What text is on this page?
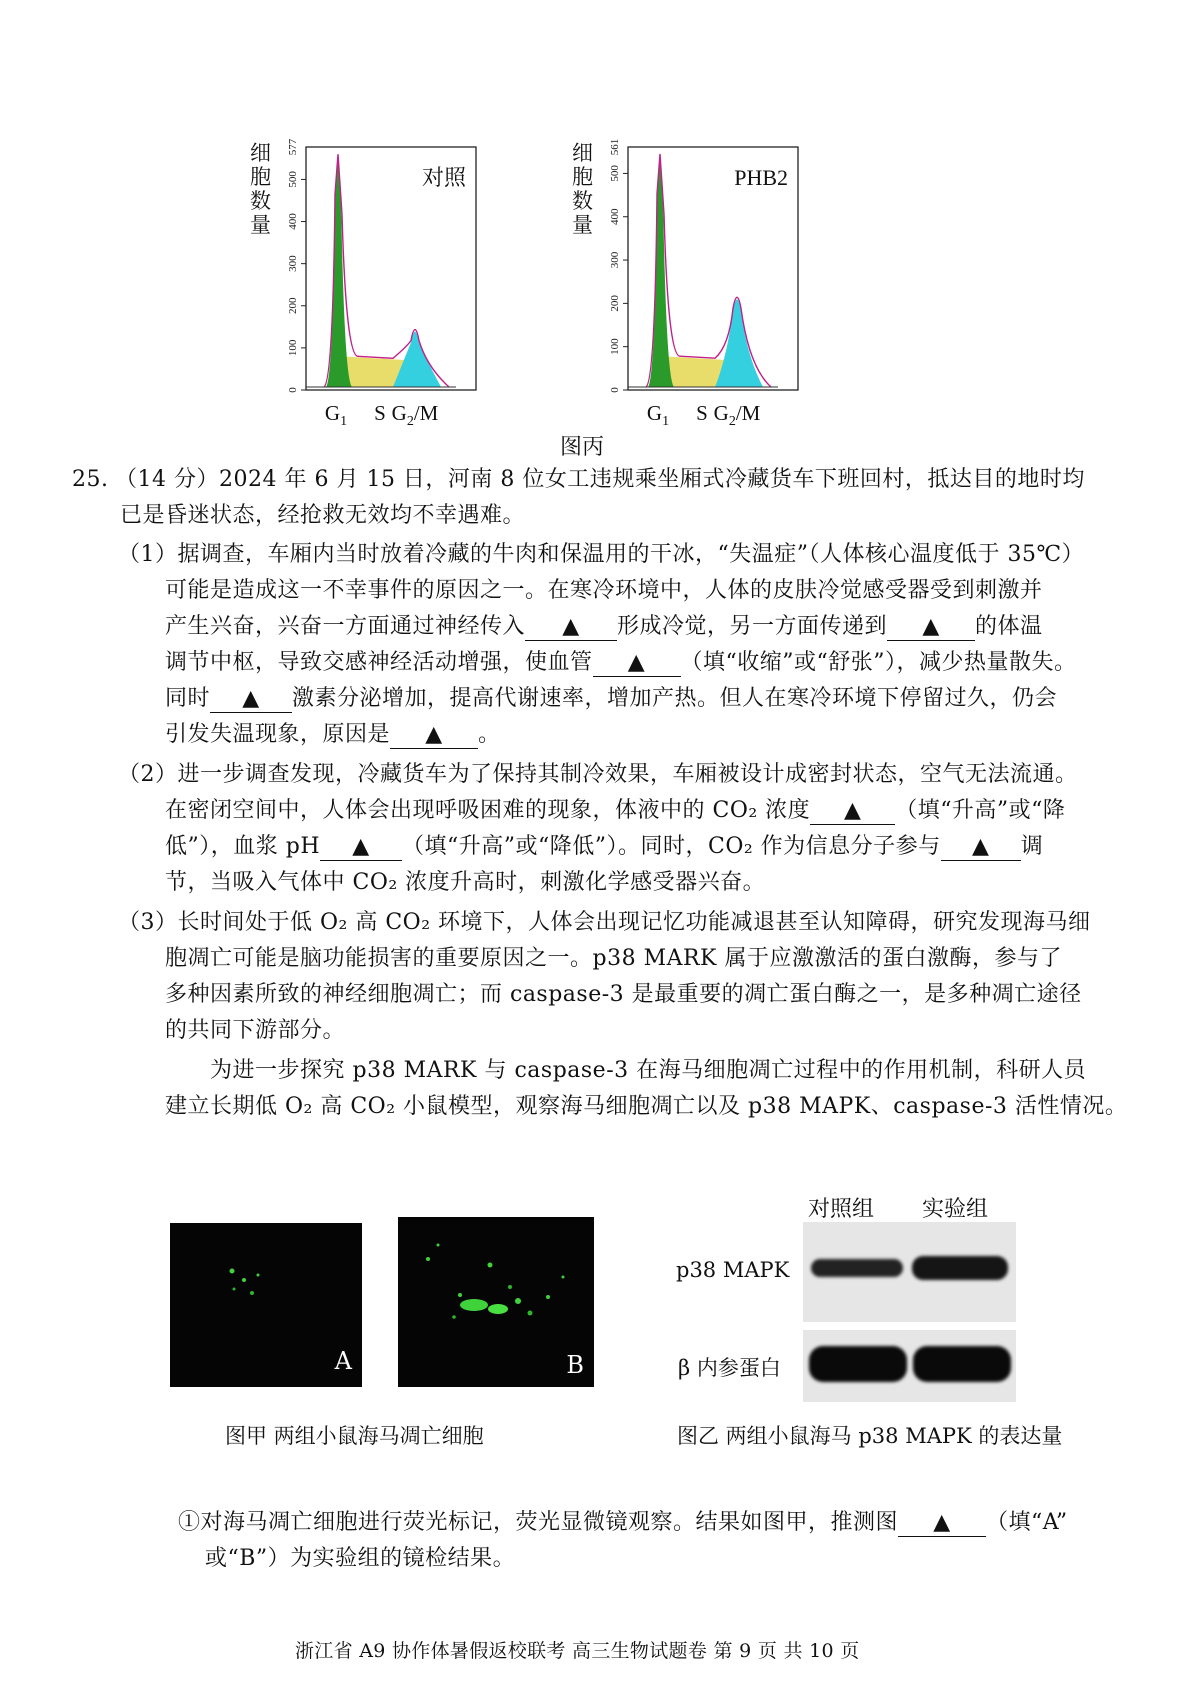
细
胞
数
量
0
100
200
300
400
500
577
对照
$G_1$ S $G_2/M$
细
胞
数
量
0
100
200
300
400
500
561
PHB2
$G_1$ S $G_2/M$
图丙
25. （14 分）2024 年 6 月 15 日，河南 8 位女工违规乘坐厢式冷藏货车下班回村，抵达目的地时均
已是昏迷状态，经抢救无效均不幸遇难。
（1）据调查，车厢内当时放着冷藏的牛肉和保温用的干冰，“失温症”（人体核心温度低于 35℃）
可能是造成这一不幸事件的原因之一。在寒冷环境中，人体的皮肤冷觉感受器受到刺激并
产生兴奋，兴奋一方面通过神经传入 ▲ 形成冷觉，另一方面传递到 ▲ 的体温
调节中枢，导致交感神经活动增强，使血管 ▲ （填“收缩”或“舒张”），减少热量散失。
同时 ▲ 激素分泌增加，提高代谢速率，增加产热。但人在寒冷环境下停留过久，仍会
引发失温现象，原因是 ▲ 。
（2）进一步调查发现，冷藏货车为了保持其制冷效果，车厢被设计成密封状态，空气无法流通。
在密闭空间中，人体会出现呼吸困难的现象，体液中的 CO₂ 浓度 ▲ （填“升高”或“降
低”），血浆 pH ▲ （填“升高”或“降低”）。同时，CO₂ 作为信息分子参与 ▲ 调
节，当吸入气体中 CO₂ 浓度升高时，刺激化学感受器兴奋。
（3）长时间处于低 O₂ 高 CO₂ 环境下，人体会出现记忆功能减退甚至认知障碍，研究发现海马细
胞凋亡可能是脑功能损害的重要原因之一。p38 MARK 属于应激激活的蛋白激酶，参与了
多种因素所致的神经细胞凋亡；而 caspase-3 是最重要的凋亡蛋白酶之一，是多种凋亡途径
的共同下游部分。
为进一步探究 p38 MARK 与 caspase-3 在海马细胞凋亡过程中的作用机制，科研人员
建立长期低 O₂ 高 CO₂ 小鼠模型，观察海马细胞凋亡以及 p38 MAPK、caspase-3 活性情况。
A	B
图甲 两组小鼠海马凋亡细胞
对照组 实验组
p38 MAPK
β 内参蛋白
图乙 两组小鼠海马 p38 MAPK 的表达量
①对海马凋亡细胞进行荧光标记，荧光显微镜观察。结果如图甲，推测图 ▲ （填“A”
或“B”）为实验组的镜检结果。
浙江省 A9 协作体暑假返校联考 高三生物试题卷 第 9 页 共 10 页
